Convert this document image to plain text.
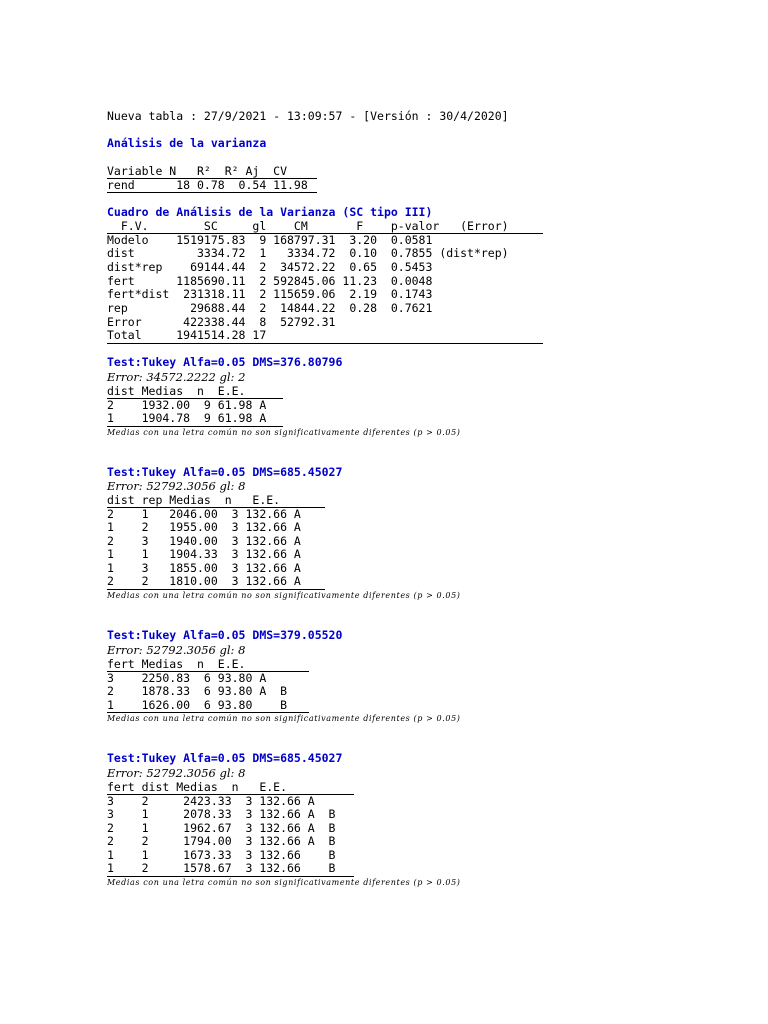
Nueva tabla : 27/9/2021 - 13:09:57 - [Versión : 30/4/2020]

Análisis de la varianza

Variable N   R²  R² Aj  CV

rend      18 0.78  0.54 11.98

Cuadro de Análisis de la Varianza (SC tipo III)

F.V.        SC     gl    CM       F    p-valor   (Error)

Modelo    1519175.83  9 168797.31  3.20  0.0581

dist         3334.72  1   3334.72  0.10  0.7855 (dist*rep)

dist*rep    69144.44  2  34572.22  0.65  0.5453

fert      1185690.11  2 592845.06 11.23  0.0048

fert*dist  231318.11  2 115659.06  2.19  0.1743

rep         29688.44  2  14844.22  0.28  0.7621

Error      422338.44  8  52792.31

Total     1941514.28 17

Test:Tukey Alfa=0.05 DMS=376.80796

Error: 34572.2222 gl: 2

dist Medias  n  E.E.

2    1932.00  9 61.98 A

1    1904.78  9 61.98 A

Medias con una letra común no son significativamente diferentes (p > 0.05)

Test:Tukey Alfa=0.05 DMS=685.45027

Error: 52792.3056 gl: 8

dist rep Medias  n   E.E.

2    1   2046.00  3 132.66 A

1    2   1955.00  3 132.66 A

2    3   1940.00  3 132.66 A

1    1   1904.33  3 132.66 A

1    3   1855.00  3 132.66 A

2    2   1810.00  3 132.66 A

Medias con una letra común no son significativamente diferentes (p > 0.05)

Test:Tukey Alfa=0.05 DMS=379.05520

Error: 52792.3056 gl: 8

fert Medias  n  E.E.

3    2250.83  6 93.80 A

2    1878.33  6 93.80 A  B

1    1626.00  6 93.80    B

Medias con una letra común no son significativamente diferentes (p > 0.05)

Test:Tukey Alfa=0.05 DMS=685.45027

Error: 52792.3056 gl: 8

fert dist Medias  n   E.E.

3    2     2423.33  3 132.66 A

3    1     2078.33  3 132.66 A  B

2    1     1962.67  3 132.66 A  B

2    2     1794.00  3 132.66 A  B

1    1     1673.33  3 132.66    B

1    2     1578.67  3 132.66    B

Medias con una letra común no son significativamente diferentes (p > 0.05)
